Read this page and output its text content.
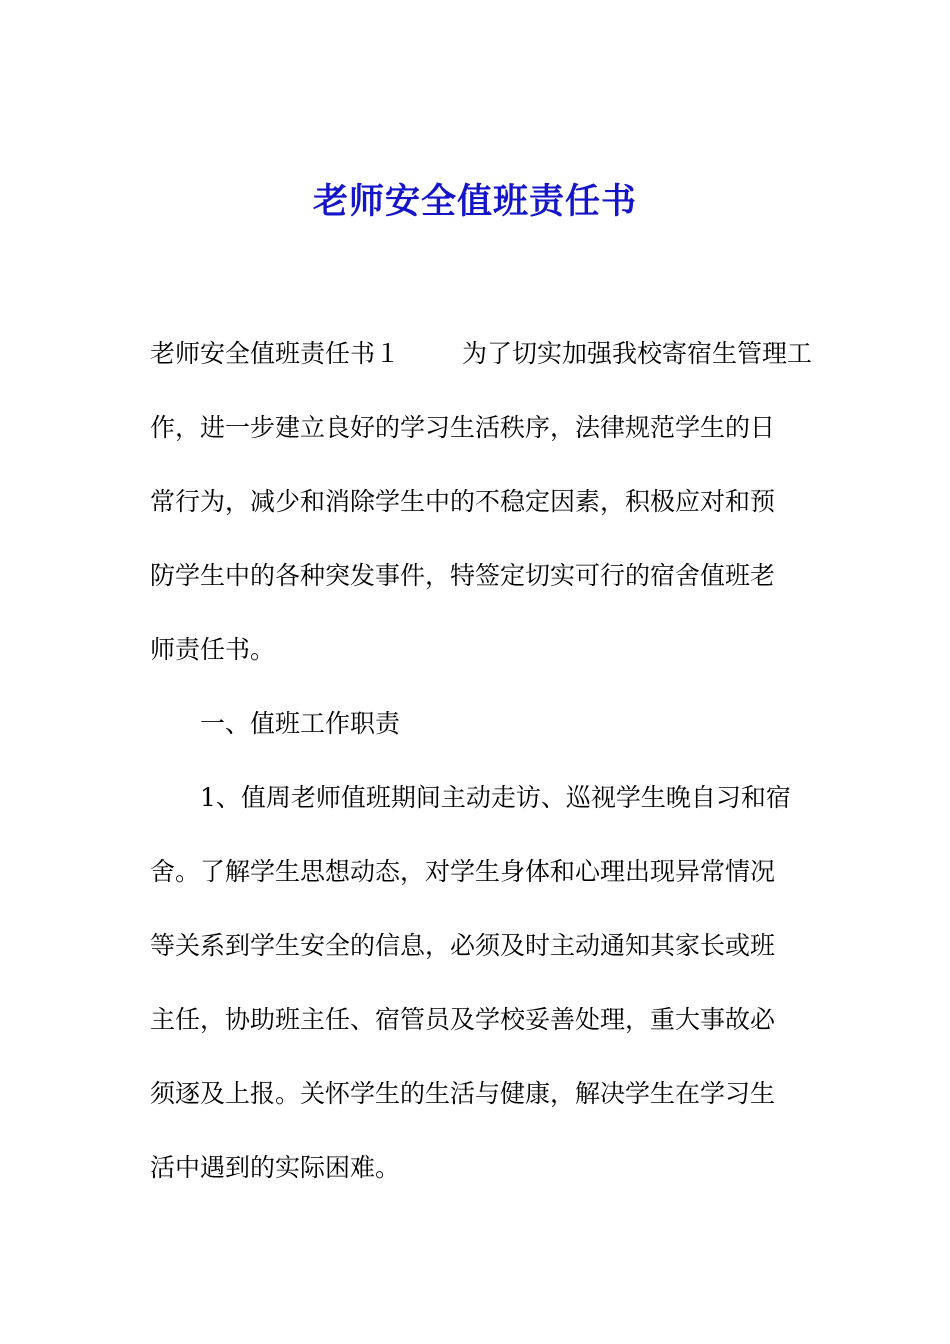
老师安全值班责任书
老师安全值班责任书１ 为了切实加强我校寄宿生管理工
作，进一步建立良好的学习生活秩序，法律规范学生的日
常行为，减少和消除学生中的不稳定因素，积极应对和预
防学生中的各种突发事件，特签定切实可行的宿舍值班老
师责任书。
一、值班工作职责
1、值周老师值班期间主动走访、巡视学生晚自习和宿
舍。了解学生思想动态，对学生身体和心理出现异常情况
等关系到学生安全的信息，必须及时主动通知其家长或班
主任，协助班主任、宿管员及学校妥善处理，重大事故必
须逐及上报。关怀学生的生活与健康，解决学生在学习生
活中遇到的实际困难。
